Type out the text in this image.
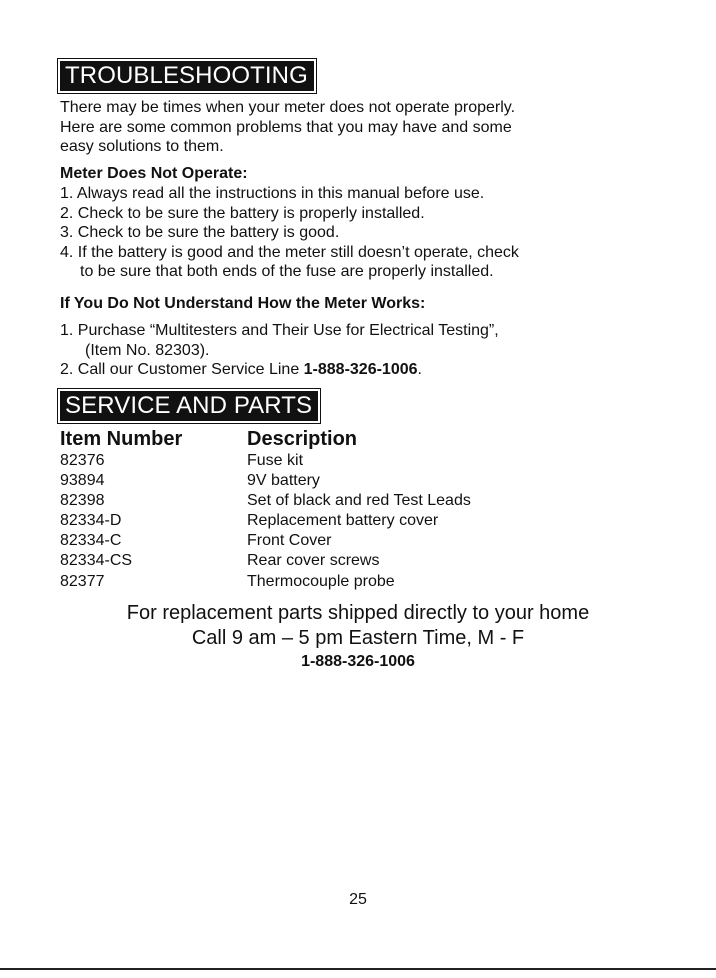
TROUBLESHOOTING
There may be times when your meter does not operate properly.
Here are some common problems that you may have and some
easy solutions to them.
Meter Does Not Operate:
1. Always read all the instructions in this manual before use.
2. Check to be sure the battery is properly installed.
3. Check to be sure the battery is good.
4. If the battery is good and the meter still doesn’t operate, check
to be sure that both ends of the fuse are properly installed.
If You Do Not Understand How the Meter Works:
1. Purchase “Multitesters and Their Use for Electrical Testing”,
(Item No. 82303).
2. Call our Customer Service Line 1-888-326-1006.
SERVICE AND PARTS
Item Number	Description
82376	Fuse kit
93894	9V battery
82398	Set of black and red Test Leads
82334-D	Replacement battery cover
82334-C	Front Cover
82334-CS	Rear cover screws
82377	Thermocouple probe
For replacement parts shipped directly to your home
Call 9 am – 5 pm Eastern Time, M - F
1-888-326-1006
25
